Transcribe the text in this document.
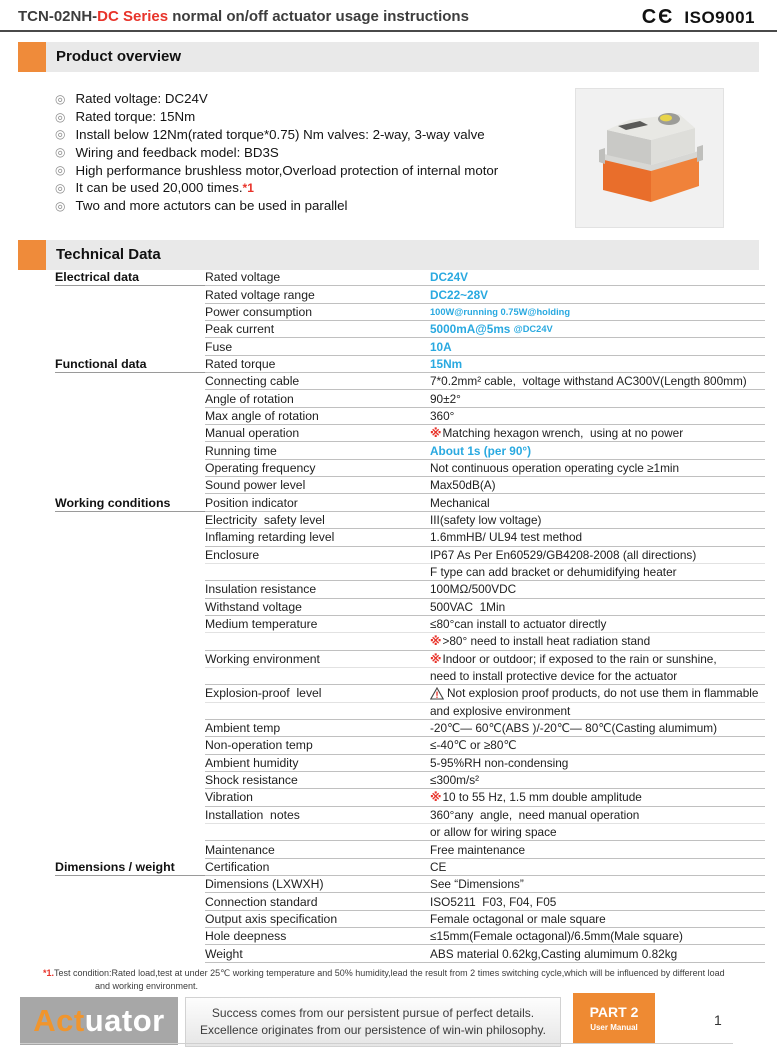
TCN-02NH-DC Series normal on/off actuator usage instructions	CЄ ISO9001
Product overview
◎ Rated voltage: DC24V
◎ Rated torque: 15Nm
◎ Install below 12Nm(rated torque*0.75) Nm valves: 2-way, 3-way valve
◎ Wiring and feedback model: BD3S
◎ High performance brushless motor,Overload protection of internal motor
◎ It can be used 20,000 times. *1
◎ Two and more actutors can be used in parallel
Technical Data
Electrical data	Rated voltage	DC24V
Rated voltage range	DC22~28V
Power consumption	100W@running 0.75W@holding
Peak current	5000mA@5ms @DC24V
Fuse	10A
Functional data	Rated torque	15Nm
Connecting cable	7*0.2mm² cable,  voltage withstand AC300V(Length 800mm)
Angle of rotation	90±2°
Max angle of rotation	360°
Manual operation	※ Matching hexagon wrench,  using at no power
Running time	About 1s (per 90°)
Operating frequency	Not continuous operation operating cycle ≥1min
Sound power level	Max50dB(A)
Working conditions	Position indicator	Mechanical
Electricity  safety level	III(safety low voltage)
Inflaming retarding level	1.6mmHB/ UL94 test method
Enclosure	IP67 As Per En60529/GB4208-2008 (all directions)
F type can add bracket or dehumidifying heater
Insulation resistance	100MΩ/500VDC
Withstand voltage	500VAC  1Min
Medium temperature	≤80°can install to actuator directly
※ >80° need to install heat radiation stand
Working environment	※ Indoor or outdoor; if exposed to the rain or sunshine,
need to install protective device for the actuator
Explosion-proof  level	Not explosion proof products, do not use them in flammable
and explosive environment
Ambient temp	-20℃— 60℃(ABS )/-20℃— 80℃(Casting alumimum)
Non-operation temp	≤-40℃ or ≥80℃
Ambient humidity	5-95%RH non-condensing
Shock resistance	≤300m/s²
Vibration	※ 10 to 55 Hz, 1.5 mm double amplitude
Installation  notes	360°any  angle,  need manual operation
or allow for wiring space
Maintenance	Free maintenance
Dimensions / weight	Certification	CE
Dimensions (LXWXH)	See “Dimensions”
Connection standard	ISO5211  F03, F04, F05
Output axis specification	Female octagonal or male square
Hole deepness	≤15mm(Female octagonal)/6.5mm(Male square)
Weight	ABS material 0.62kg,Casting alumimum 0.82kg
*1.Test condition:Rated load,test at under 25℃ working temperature and 50% humidity,lead the result from 2 times switching cycle,which will be influenced by different load
and working environment.
Act uator	Success comes from our persistent pursue of perfect details.
Excellence originates from our persistence of win-win philosophy.
PART 2
User Manual	1
